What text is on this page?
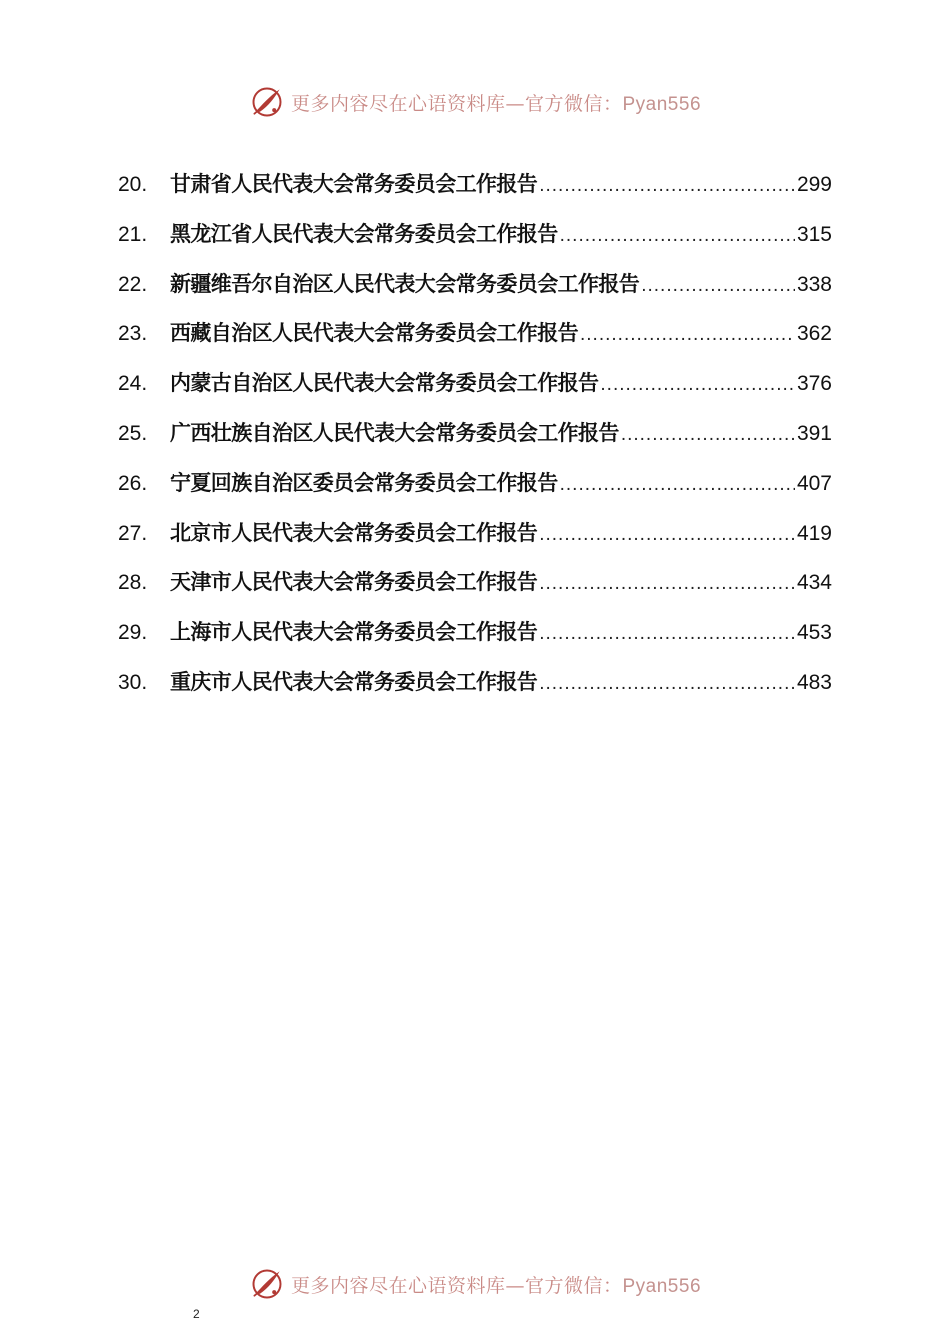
更多内容尽在心语资料库—官方微信：Pyan556
20.	甘肃省人民代表大会常务委员会工作报告 .....	299
21.	黑龙江省人民代表大会常务委员会工作报告 .....	315
22.	新疆维吾尔自治区人民代表大会常务委员会工作报告 .....	338
23.	西藏自治区人民代表大会常务委员会工作报告 .....	362
24.	内蒙古自治区人民代表大会常务委员会工作报告 .....	376
25.	广西壮族自治区人民代表大会常务委员会工作报告 .....	391
26.	宁夏回族自治区委员会常务委员会工作报告 .....	407
27.	北京市人民代表大会常务委员会工作报告 .....	419
28.	天津市人民代表大会常务委员会工作报告 .....	434
29.	上海市人民代表大会常务委员会工作报告 .....	453
30.	重庆市人民代表大会常务委员会工作报告 .....	483
更多内容尽在心语资料库—官方微信：Pyan556
2
